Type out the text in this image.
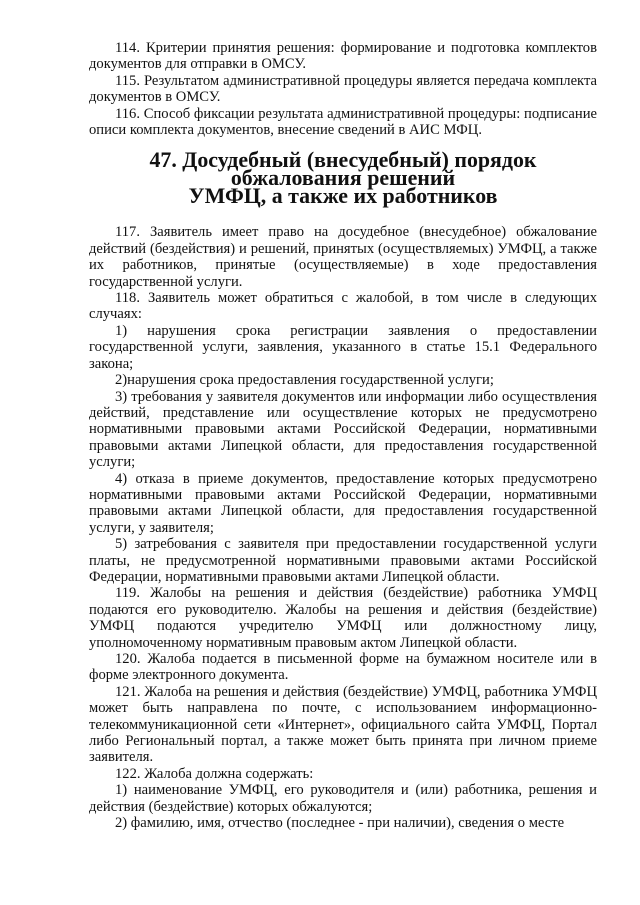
114. Критерии принятия решения: формирование и подготовка комплектов документов для отправки в ОМСУ.

115. Результатом административной процедуры является передача комплекта документов в ОМСУ.

116. Способ фиксации результата административной процедуры: подписание описи комплекта документов, внесение сведений в АИС МФЦ.

47. Досудебный (внесудебный) порядок обжалования решений
УМФЦ, а также их работников

117. Заявитель имеет право на досудебное (внесудебное) обжалование действий (бездействия) и решений, принятых (осуществляемых) УМФЦ, а также их работников, принятые (осуществляемые) в ходе предоставления государственной услуги.

118. Заявитель может обратиться с жалобой, в том числе в следующих случаях:

1) нарушения срока регистрации заявления о предоставлении государственной услуги, заявления, указанного в статье 15.1 Федерального закона;

2)нарушения срока предоставления государственной услуги;

3) требования у заявителя документов или информации либо осуществления действий, представление или осуществление которых не предусмотрено нормативными правовыми актами Российской Федерации, нормативными правовыми актами Липецкой области, для предоставления государственной услуги;

4) отказа в приеме документов, предоставление которых предусмотрено нормативными правовыми актами Российской Федерации, нормативными правовыми актами Липецкой области, для предоставления государственной услуги, у заявителя;

5) затребования с заявителя при предоставлении государственной услуги платы, не предусмотренной нормативными правовыми актами Российской Федерации, нормативными правовыми актами Липецкой области.

119. Жалобы на решения и действия (бездействие) работника УМФЦ подаются его руководителю. Жалобы на решения и действия (бездействие) УМФЦ подаются учредителю УМФЦ или должностному лицу, уполномоченному нормативным правовым актом Липецкой области.

120. Жалоба подается в письменной форме на бумажном носителе или в форме электронного документа.

121. Жалоба на решения и действия (бездействие) УМФЦ, работника УМФЦ может быть направлена по почте, с использованием информационно-телекоммуникационной сети «Интернет», официального сайта УМФЦ, Портал либо Региональный портал, а также может быть принята при личном приеме заявителя.

122. Жалоба должна содержать:

1) наименование УМФЦ, его руководителя и (или) работника, решения и действия (бездействие) которых обжалуются;

2) фамилию, имя, отчество (последнее - при наличии), сведения о месте
